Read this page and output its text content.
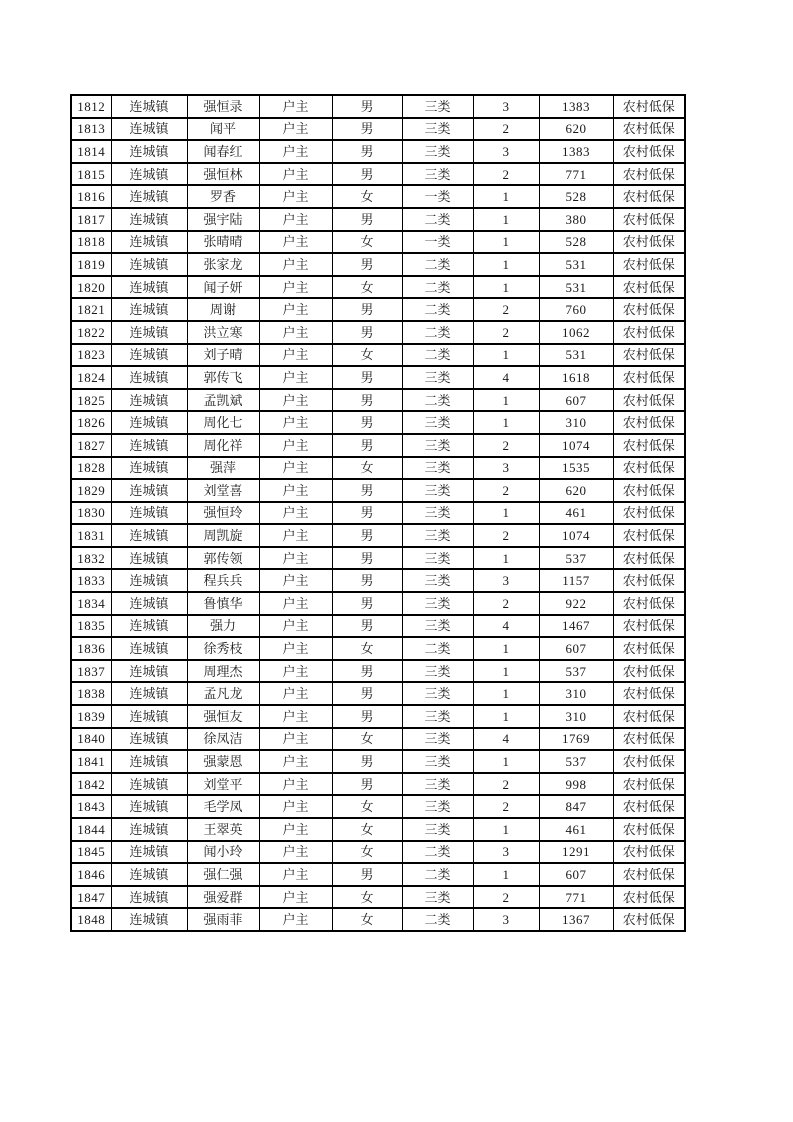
1812	连城镇	强恒录	户主	男	三类	3	1383	农村低保
1813	连城镇	闻平	户主	男	三类	2	620	农村低保
1814	连城镇	闻春红	户主	男	三类	3	1383	农村低保
1815	连城镇	强恒林	户主	男	三类	2	771	农村低保
1816	连城镇	罗香	户主	女	一类	1	528	农村低保
1817	连城镇	强宇陆	户主	男	二类	1	380	农村低保
1818	连城镇	张晴晴	户主	女	一类	1	528	农村低保
1819	连城镇	张家龙	户主	男	二类	1	531	农村低保
1820	连城镇	闻子妍	户主	女	二类	1	531	农村低保
1821	连城镇	周谢	户主	男	二类	2	760	农村低保
1822	连城镇	洪立寒	户主	男	二类	2	1062	农村低保
1823	连城镇	刘子晴	户主	女	二类	1	531	农村低保
1824	连城镇	郭传飞	户主	男	三类	4	1618	农村低保
1825	连城镇	孟凯斌	户主	男	二类	1	607	农村低保
1826	连城镇	周化七	户主	男	三类	1	310	农村低保
1827	连城镇	周化祥	户主	男	三类	2	1074	农村低保
1828	连城镇	强萍	户主	女	三类	3	1535	农村低保
1829	连城镇	刘堂喜	户主	男	三类	2	620	农村低保
1830	连城镇	强恒玲	户主	男	三类	1	461	农村低保
1831	连城镇	周凯旋	户主	男	三类	2	1074	农村低保
1832	连城镇	郭传领	户主	男	三类	1	537	农村低保
1833	连城镇	程兵兵	户主	男	三类	3	1157	农村低保
1834	连城镇	鲁慎华	户主	男	三类	2	922	农村低保
1835	连城镇	强力	户主	男	三类	4	1467	农村低保
1836	连城镇	徐秀枝	户主	女	二类	1	607	农村低保
1837	连城镇	周理杰	户主	男	三类	1	537	农村低保
1838	连城镇	孟凡龙	户主	男	三类	1	310	农村低保
1839	连城镇	强恒友	户主	男	三类	1	310	农村低保
1840	连城镇	徐凤洁	户主	女	三类	4	1769	农村低保
1841	连城镇	强蒙恩	户主	男	三类	1	537	农村低保
1842	连城镇	刘堂平	户主	男	三类	2	998	农村低保
1843	连城镇	毛学凤	户主	女	三类	2	847	农村低保
1844	连城镇	王翠英	户主	女	三类	1	461	农村低保
1845	连城镇	闻小玲	户主	女	二类	3	1291	农村低保
1846	连城镇	强仁强	户主	男	二类	1	607	农村低保
1847	连城镇	强爱群	户主	女	三类	2	771	农村低保
1848	连城镇	强雨菲	户主	女	二类	3	1367	农村低保
